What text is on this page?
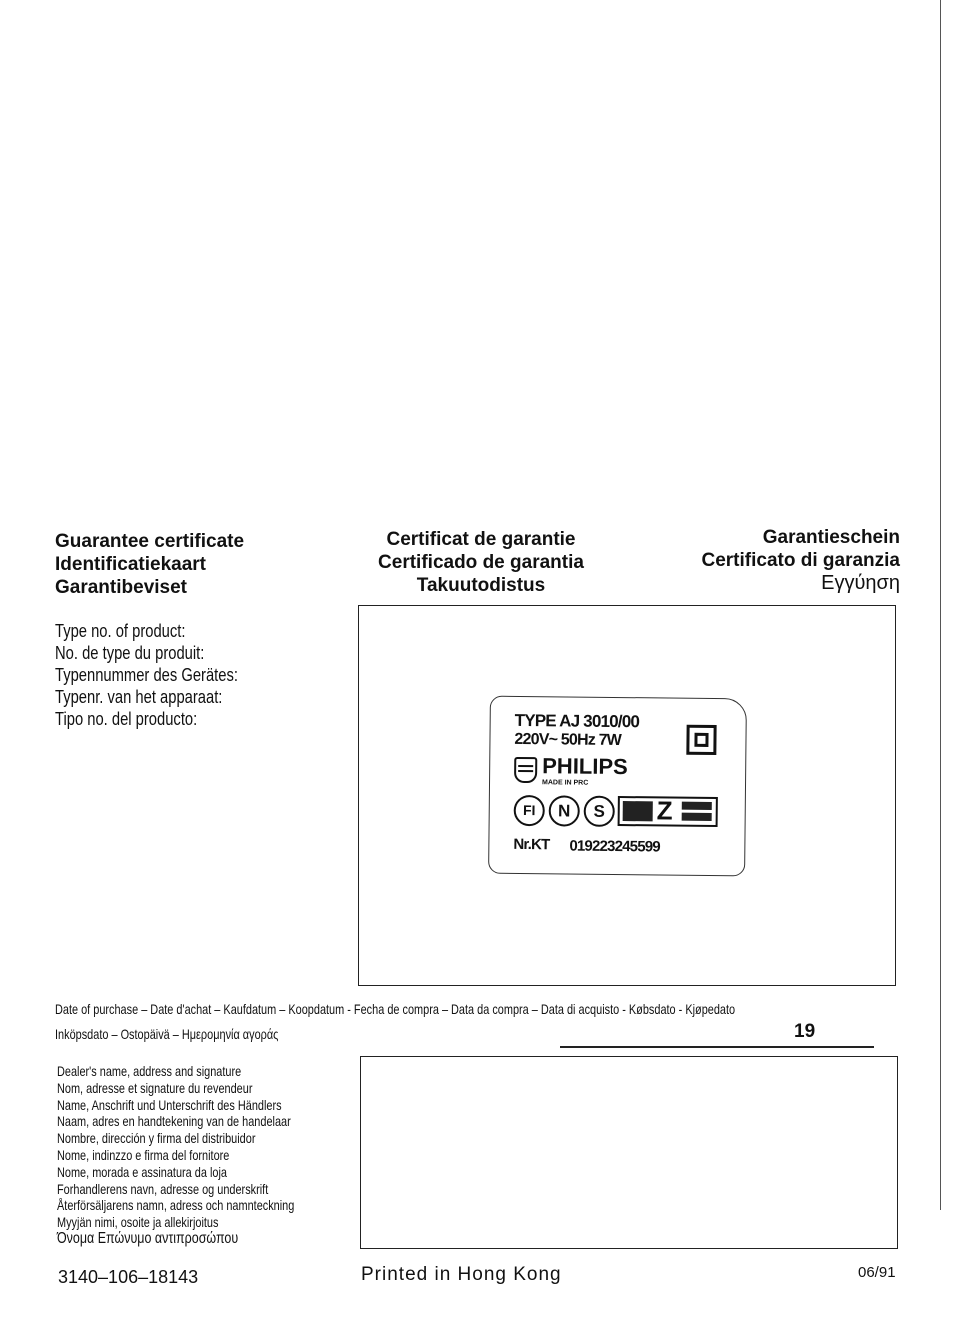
Guarantee certificate
Identificatiekaart
Garantibeviset
Certificat de garantie
Certificado de garantia
Takuutodistus
Garantieschein
Certificato di garanzia
Εγγύηση
Type no. of product:
No. de type du produit:
Typennummer des Gerätes:
Typenr. van het apparaat:
Tipo no. del producto:	TYPE AJ 3010/00
220V~ 50Hz 7W
PHILIPS
MADE IN PRC
FI	N	S	Z
Nr.KT 019223245599
Date of purchase – Date d'achat – Kaufdatum – Koopdatum - Fecha de compra – Data da compra – Data di acquisto - Købsdato - Kjøpedato
Inköpsdato – Ostopäivä – Ημερομηνία αγοράς	19
Dealer's name, address and signature
Nom, adresse et signature du revendeur
Name, Anschrift und Unterschrift des Händlers
Naam, adres en handtekening van de handelaar
Nombre, dirección y firma del distribuidor
Nome, indinzzo e firma del fornitore
Nome, morada e assinatura da loja
Forhandlerens navn, adresse og underskrift
Återförsäljarens namn, adress och namnteckning
Myyjän nimi, osoite ja allekirjoitus
Όνομα Επώνυμο αντιπροσώπου
3140–106–18143	Printed in Hong Kong	06/91
